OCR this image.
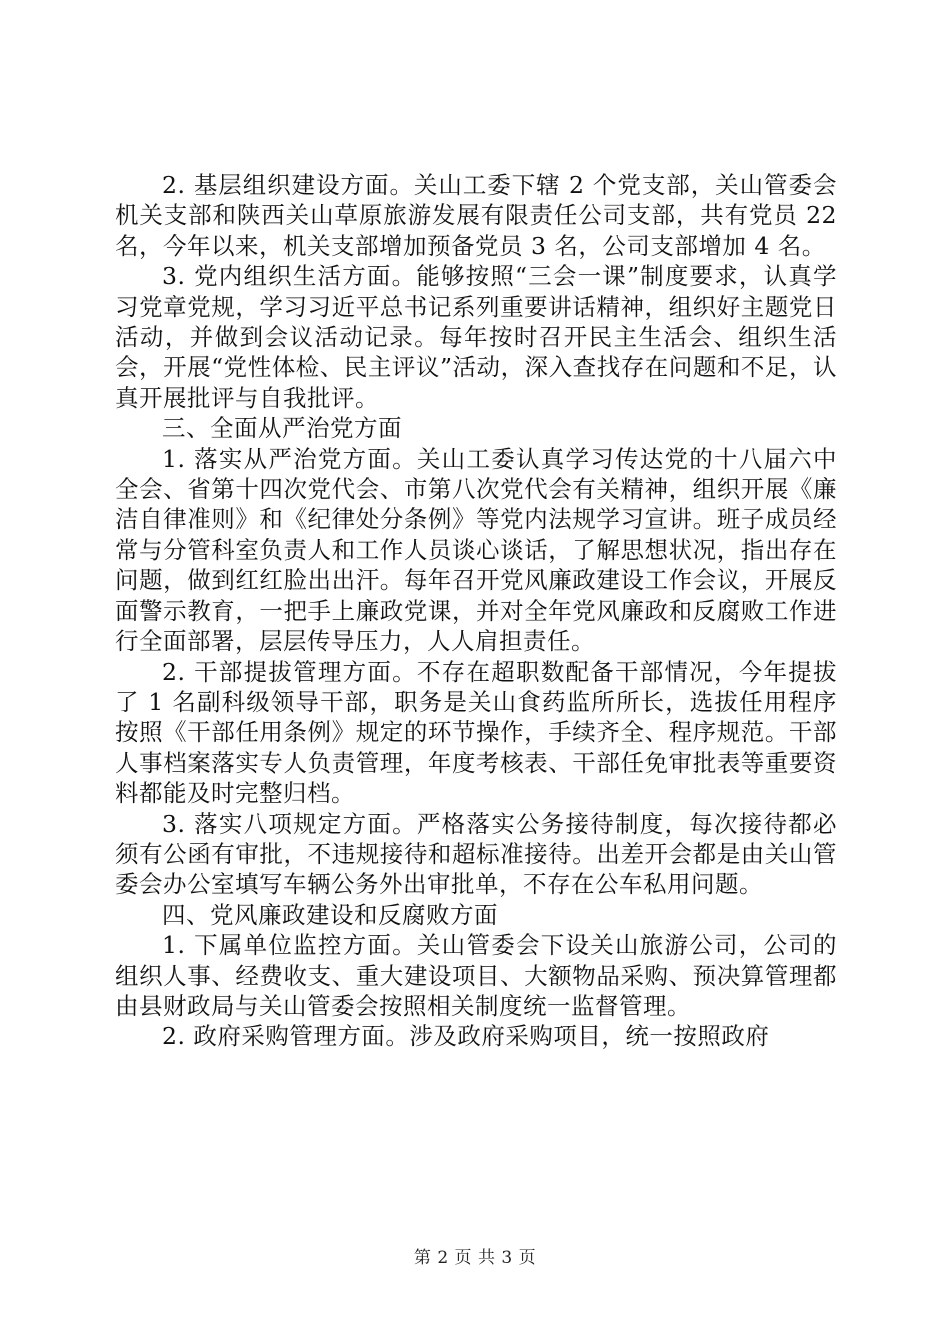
2. 基层组织建设方面。关山工委下辖 2 个党支部，关山管委会机关支部和陕西关山草原旅游发展有限责任公司支部，共有党员 22 名，今年以来，机关支部增加预备党员 3 名，公司支部增加 4 名。

3. 党内组织生活方面。能够按照“三会一课”制度要求，认真学习党章党规，学习习近平总书记系列重要讲话精神，组织好主题党日活动，并做到会议活动记录。每年按时召开民主生活会、组织生活会，开展“党性体检、民主评议”活动，深入查找存在问题和不足，认真开展批评与自我批评。

三、全面从严治党方面

1. 落实从严治党方面。关山工委认真学习传达党的十八届六中全会、省第十四次党代会、市第八次党代会有关精神，组织开展《廉洁自律准则》和《纪律处分条例》等党内法规学习宣讲。班子成员经常与分管科室负责人和工作人员谈心谈话，了解思想状况，指出存在问题，做到红红脸出出汗。每年召开党风廉政建设工作会议，开展反面警示教育，一把手上廉政党课，并对全年党风廉政和反腐败工作进行全面部署，层层传导压力，人人肩担责任。

2. 干部提拔管理方面。不存在超职数配备干部情况，今年提拔了 1 名副科级领导干部，职务是关山食药监所所长，选拔任用程序按照《干部任用条例》规定的环节操作，手续齐全、程序规范。干部人事档案落实专人负责管理，年度考核表、干部任免审批表等重要资料都能及时完整归档。

3. 落实八项规定方面。严格落实公务接待制度，每次接待都必须有公函有审批，不违规接待和超标准接待。出差开会都是由关山管委会办公室填写车辆公务外出审批单，不存在公车私用问题。

四、党风廉政建设和反腐败方面

1. 下属单位监控方面。关山管委会下设关山旅游公司，公司的组织人事、经费收支、重大建设项目、大额物品采购、预决算管理都由县财政局与关山管委会按照相关制度统一监督管理。

2. 政府采购管理方面。涉及政府采购项目，统一按照政府

第 2 页 共 3 页
